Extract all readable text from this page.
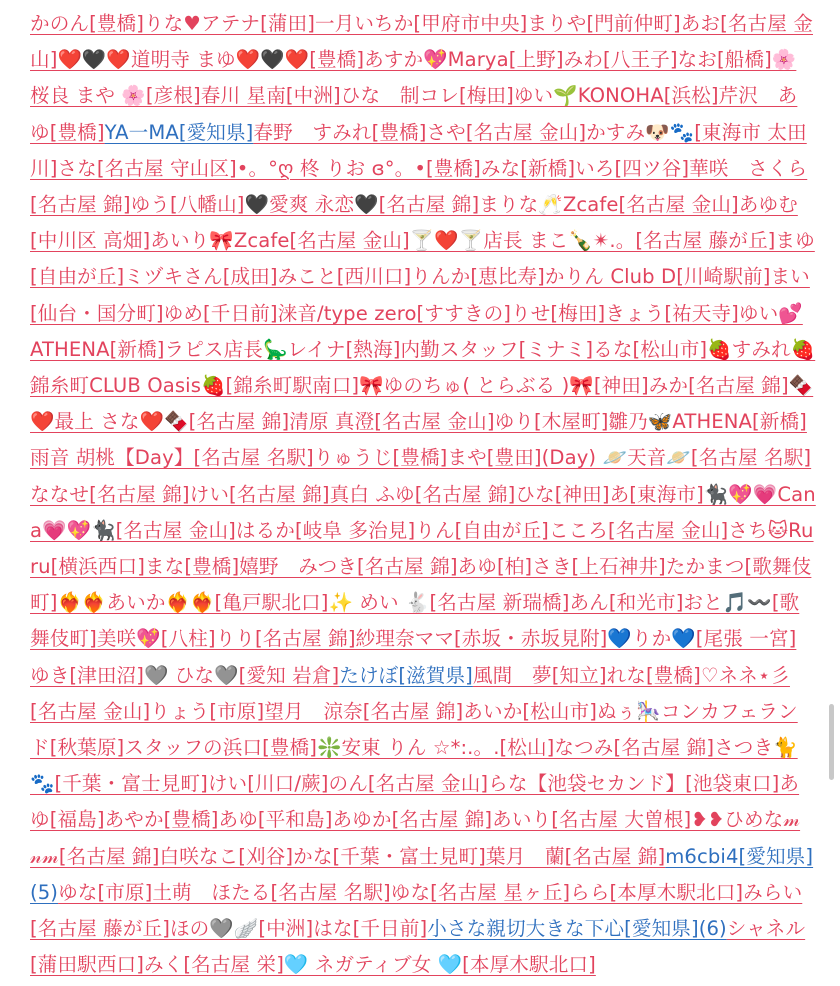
かのん[豊橋]りな♥アテナ[蒲田]一月いちか[甲府市中央]まりや[門前仲町]あお[名古屋 金山]❤️🖤❤️道明寺 まゆ❤️🖤❤️[豊橋]あすか💖Marya[上野]みわ[八王子]なお[船橋]🌸桜良 まや 🌸[彦根]春川 星南[中洲]ひな　制コレ[梅田]ゆい🌱KONOHA[浜松]芹沢　あゆ[豊橋]YA一MA[愛知県]春野　すみれ[豊橋]さや[名古屋 金山]かすみ🐶🐾[東海市 太田川]さな[名古屋 守山区]•。°ღ 柊 りお ɞ°。•[豊橋]みな[新橋]いろ[四ツ谷]華咲　さくら[名古屋 錦]ゆう[八幡山]🖤愛爽 永恋🖤[名古屋 錦]まりな🥂Zcafe[名古屋 金山]あゆむ[中川区 高畑]あいり🎀Zcafe[名古屋 金山]🍸❤️🍸店長 まこ🍾✴︎.。[名古屋 藤が丘]まゆ[自由が丘]ミヅキさん[成田]みこと[西川口]りんか[恵比寿]かりん Club D[川崎駅前]まい[仙台・国分町]ゆめ[千日前]涞音/type zero[すすきの]りせ[梅田]きょう[祐天寺]ゆい💕ATHENA[新橋]ラピス店長🦕レイナ[熱海]内勤スタッフ[ミナミ]るな[松山市]🍓すみれ🍓錦糸町CLUB Oasis🍓[錦糸町駅南口]🎀ゆのちゅ( とらぶる )🎀[神田]みか[名古屋 錦]🍫❤️最上 さな❤️🍫[名古屋 錦]清原 真澄[名古屋 金山]ゆり[木屋町]雛乃🦋ATHENA[新橋]雨音 胡桃【Day】[名古屋 名駅]りゅうじ[豊橋]まや[豊田](Day) 🪐天音🪐[名古屋 名駅]ななせ[名古屋 錦]けい[名古屋 錦]真白 ふゆ[名古屋 錦]ひな[神田]あ[東海市]🐈‍⬛💖💗Cana💗💖🐈‍⬛[名古屋 金山]はるか[岐阜 多治見]りん[自由が丘]こころ[名古屋 金山]さち🐱Ruru[横浜西口]まな[豊橋]嬉野　みつき[名古屋 錦]あゆ[柏]さき[上石神井]たかまつ[歌舞伎町]❤️‍🔥❤️‍🔥あいか❤️‍🔥❤️‍🔥[亀戸駅北口]✨ めい 🐇[名古屋 新瑞橋]あん[和光市]おと🎵〰️[歌舞伎町]美咲💖[八柱]りり[名古屋 錦]紗理奈ママ[赤坂・赤坂見附]💙りか💙[尾張 一宮]ゆき[津田沼]🩶 ひな🩶[愛知 岩倉]たけぼ[滋賀県]風間　夢[知立]れな[豊橋]♡ネネ⋆彡[名古屋 金山]りょう[市原]望月　涼奈[名古屋 錦]あいか[松山市]ぬぅ🎠コンカフェランド[秋葉原]スタッフの浜口[豊橋]❇️安東 りん ☆*:.。.[松山]なつみ[名古屋 錦]さつき🐈🐾[千葉・富士見町]けい[川口/蕨]のん[名古屋 金山]らな【池袋セカンド】[池袋東口]あゆ[福島]あやか[豊橋]あゆ[平和島]あゆか[名古屋 錦]あいり[名古屋 大曽根]❥❥ひめな𝓂𝓃𝓂[名古屋 錦]白咲なこ[刈谷]かな[千葉・富士見町]葉月　蘭[名古屋 錦]m6cbi4[愛知県](5)ゆな[市原]土萌　ほたる[名古屋 名駅]ゆな[名古屋 星ヶ丘]らら[本厚木駅北口]みらい[名古屋 藤が丘]ほの🩶🪽[中洲]はな[千日前]小さな親切大きな下心[愛知県](6)シャネル[蒲田駅西口]みく[名古屋 栄]🩵 ネガティブ女 🩵[本厚木駅北口]
